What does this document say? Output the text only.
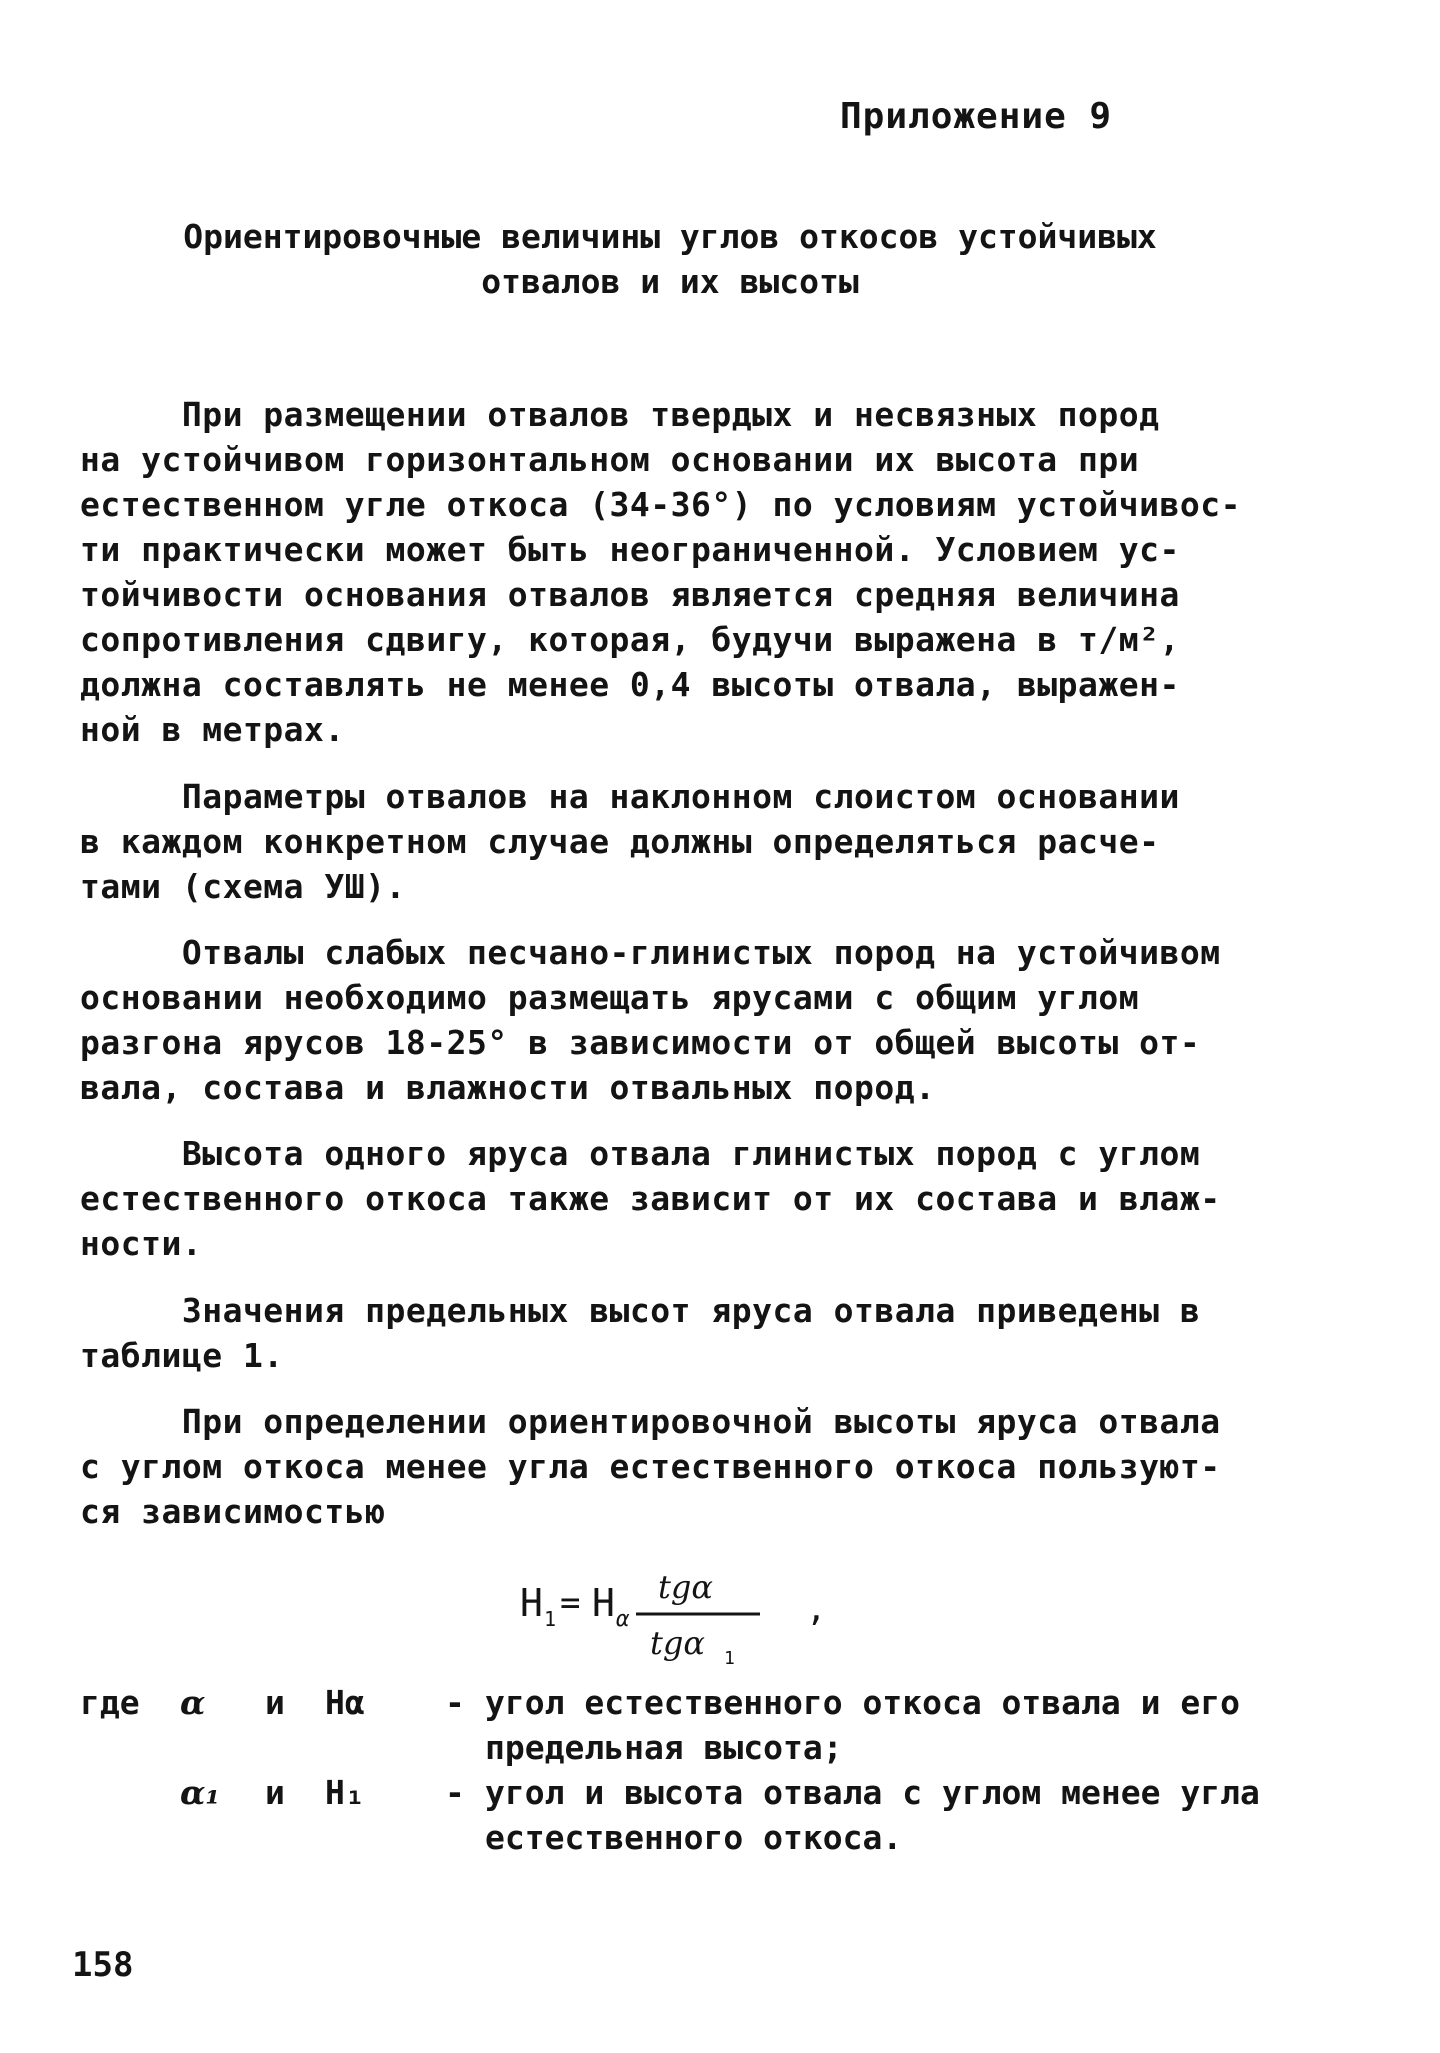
Приложение 9
Ориентировочные величины углов откосов устойчивых
отвалов и их высоты
При размещении отвалов твердых и несвязных пород
на устойчивом горизонтальном основании их высота при
естественном угле откоса (34-36°) по условиям устойчивос-
ти практически может быть неограниченной. Условием ус-
тойчивости основания отвалов является средняя величина
сопротивления сдвигу, которая, будучи выражена в т/м²,
должна составлять не менее 0,4 высоты отвала, выражен-
ной в метрах.
Параметры отвалов на наклонном слоистом основании
в каждом конкретном случае должны определяться расче-
тами (схема УШ).
Отвалы слабых песчано-глинистых пород на устойчивом
основании необходимо размещать ярусами с общим углом
разгона ярусов 18-25° в зависимости от общей высоты от-
вала, состава и влажности отвальных пород.
Высота одного яруса отвала глинистых пород с углом
естественного откоса также зависит от их состава и влаж-
ности.
Значения предельных высот яруса отвала приведены в
таблице 1.
При определении ориентировочной высоты яруса отвала
с углом откоса менее угла естественного откоса пользуют-
ся зависимостью
H 1 = H α
tgα
tgα 1
,
где α и Hα - угол естественного откоса отвала и его
предельная высота;
α₁ и H₁ - угол и высота отвала с углом менее угла
естественного откоса.
158
